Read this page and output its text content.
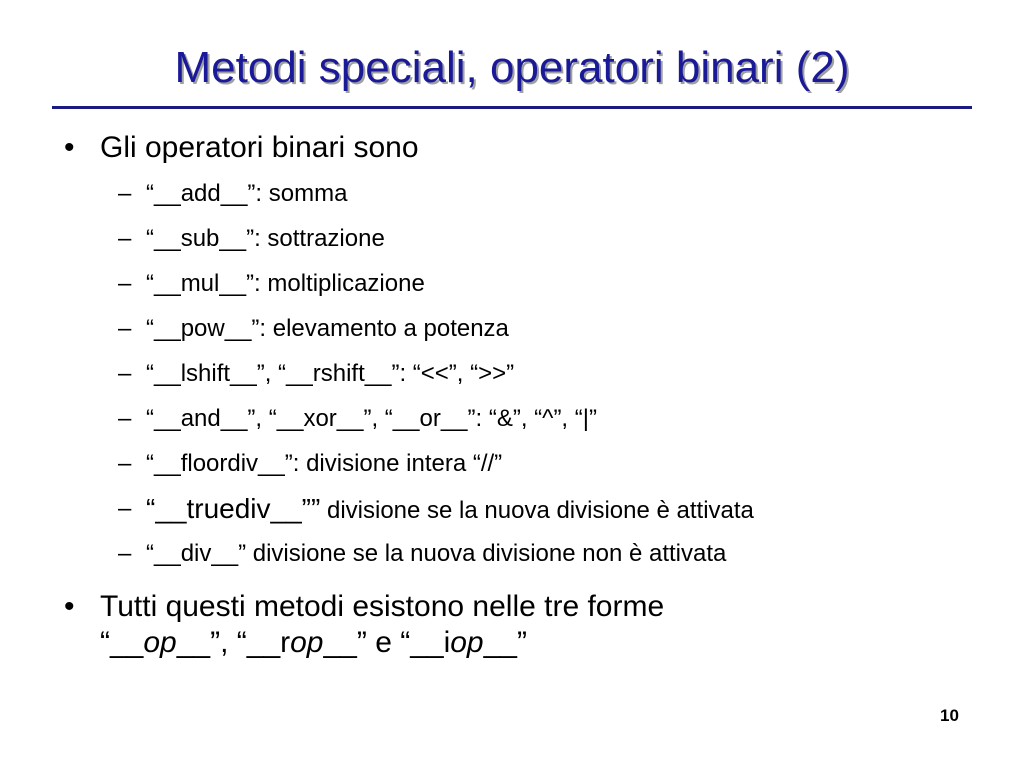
Metodi speciali, operatori binari (2)
• Gli operatori binari sono
– “__add__”: somma
– “__sub__”: sottrazione
– “__mul__”: moltiplicazione
– “__pow__”: elevamento a potenza
– “__lshift__”, “__rshift__”: “<<”, “>>”
– “__and__”, “__xor__”, “__or__”: “&”, “^”, “|”
– “__floordiv__”: divisione intera “//”
– “__truediv__”” divisione se la nuova divisione è attivata
– “__div__” divisione se la nuova divisione non è attivata
• Tutti questi metodi esistono nelle tre forme
“__op__”, “__rop__” e “__iop__”
10
